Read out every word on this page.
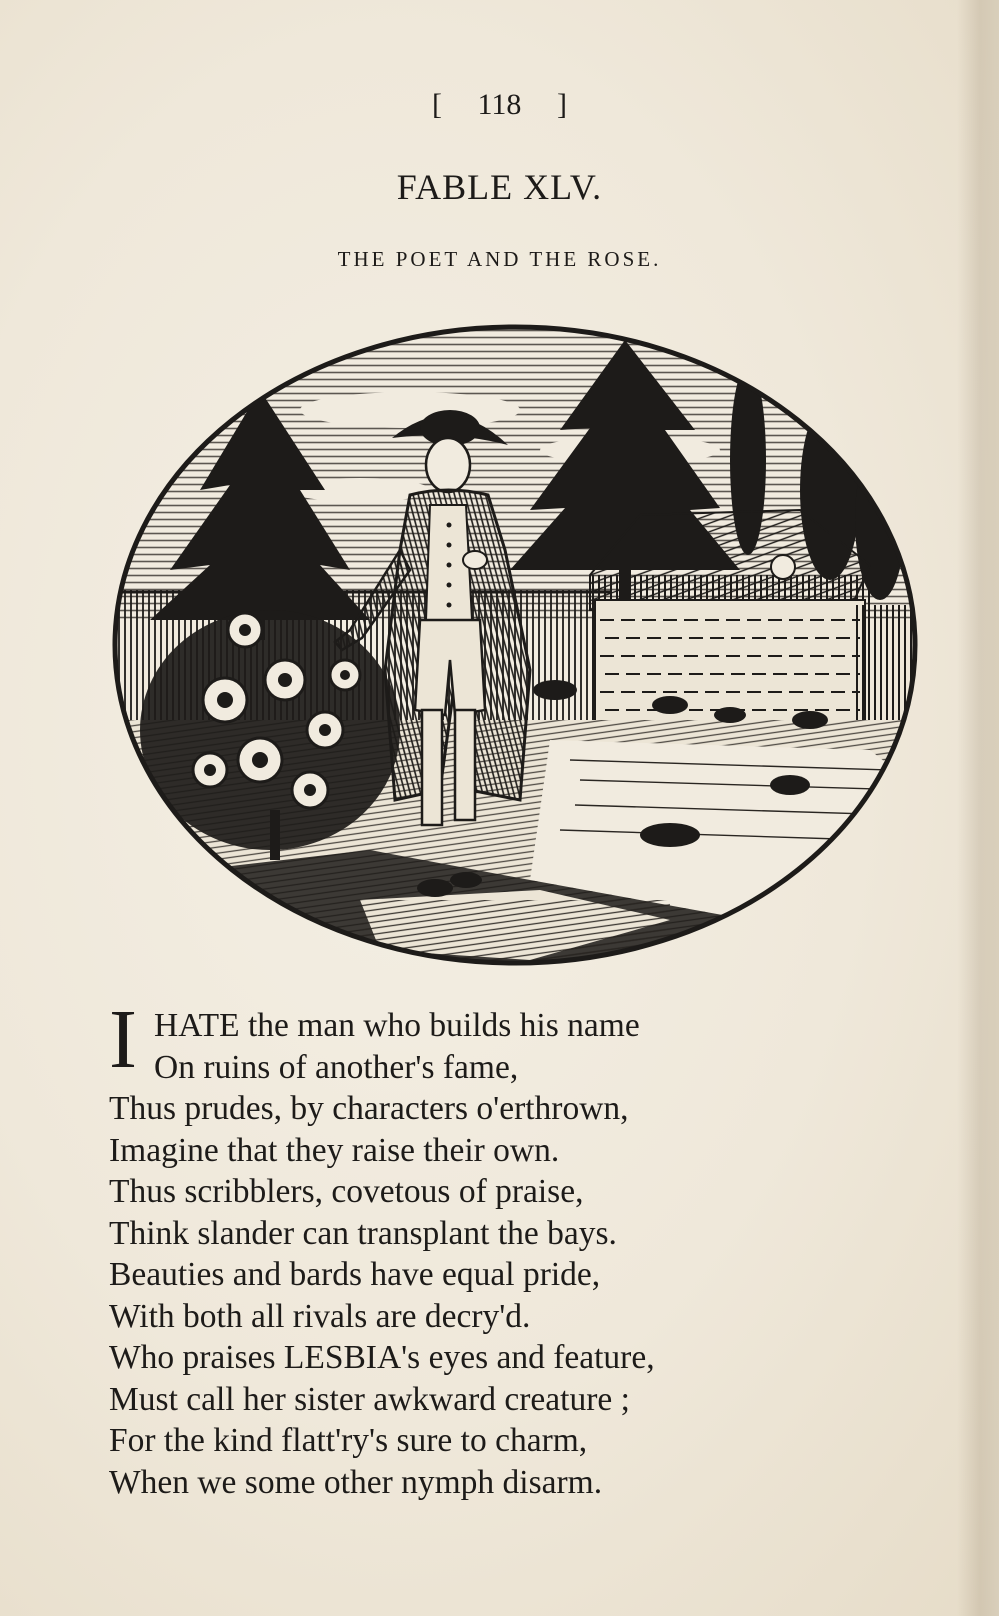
[ 118 ]
FABLE XLV.
THE POET AND THE ROSE.
I HATE the man who builds his name
On ruins of another's fame,
Thus prudes, by characters o'erthrown,
Imagine that they raise their own.
Thus scribblers, covetous of praise,
Think slander can transplant the bays.
Beauties and bards have equal pride,
With both all rivals are decry'd.
Who praises LESBIA's eyes and feature,
Must call her sister awkward creature ;
For the kind flatt'ry's sure to charm,
When we some other nymph disarm.
